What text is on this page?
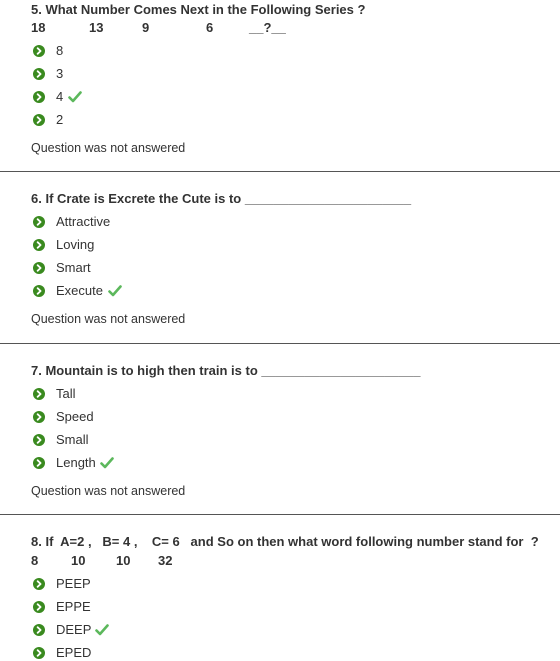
5. What Number Comes Next in the Following Series ?
18	13	9	6	__?__
8
3
4
2
Question was not answered
6. If Crate is Excrete the Cute is to _______________________
Attractive
Loving
Smart
Execute
Question was not answered
7. Mountain is to high then train is to ______________________
Tall
Speed
Small
Length
Question was not answered
8. If  A=2 ,   B= 4 ,    C= 6   and So on then what word following number stand for  ?
8	10 10 32
PEEP
EPPE
DEEP
EPED
